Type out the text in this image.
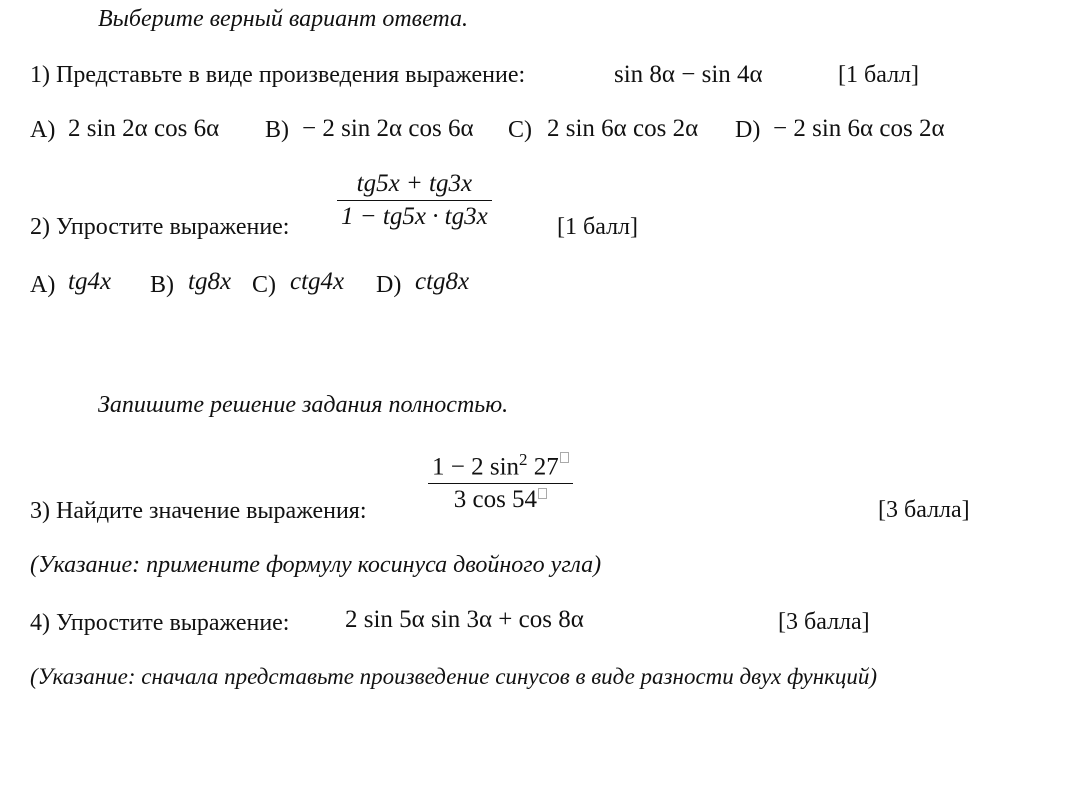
Выберите верный вариант ответа.
1) Представьте в виде произведения выражение:	sin 8α − sin 4α	[1 балл]
A) 2 sin 2α cos 6α B) − 2 sin 2α cos 6α C) 2 sin 6α cos 2α D) − 2 sin 6α cos 2α
2) Упростите выражение:
tg5x + tg3x
1 − tg5x · tg3x	[1 балл]
A) tg4x B) tg8x C) ctg4x D) ctg8x
Запишите решение задания полностью.
3) Найдите значение выражения:
1 − 2 $\sin^2 27$
3 cos 54	[3 балла]
(Указание: примените формулу косинуса двойного угла)
4) Упростите выражение: 2 sin 5α sin 3α + cos 8α	[3 балла]
(Указание: сначала представьте произведение синусов в виде разности двух функций)
